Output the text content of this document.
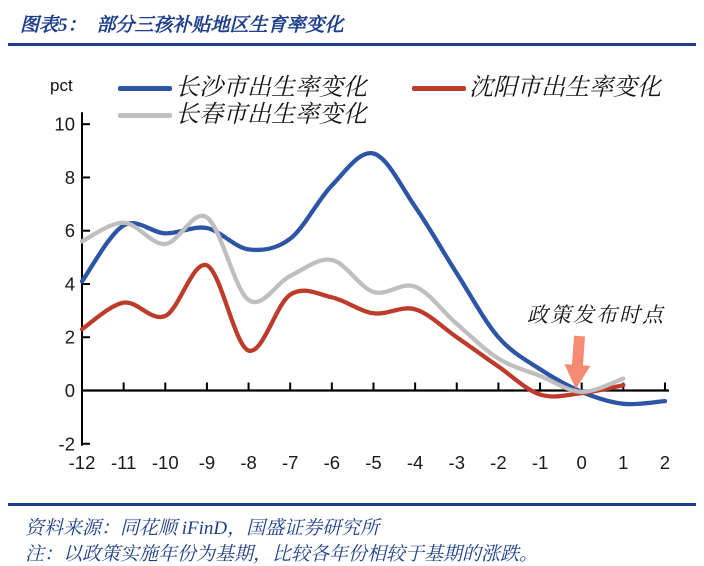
图表5： 部分三孩补贴地区生育率变化
pct	长沙市出生率变化	沈阳市出生率变化
长春市出生率变化
-2
0
2
4
6
8
10
-12 -11 -10 -9 -8 -7 -6 -5 -4 -3 -2 -1 0 1 2
政策发布时点
资料来源：同花顺 iFinD，国盛证券研究所
注：以政策实施年份为基期，比较各年份相较于基期的涨跌。
